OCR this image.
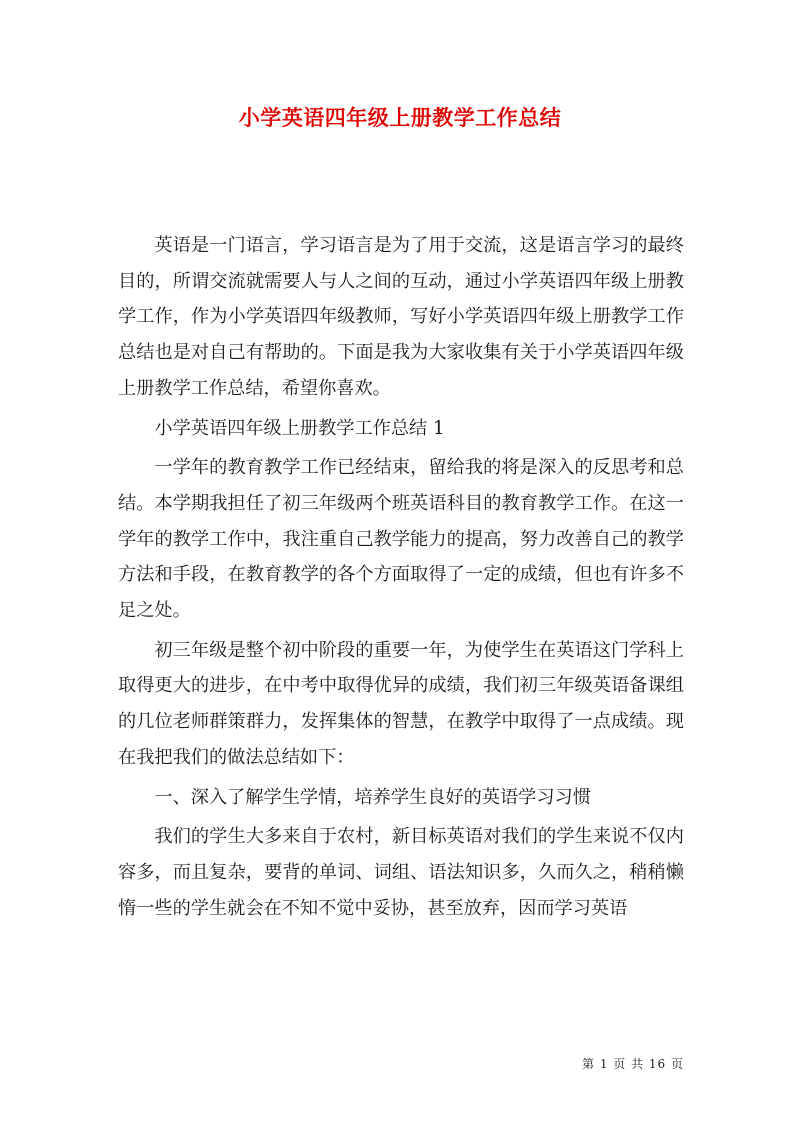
小学英语四年级上册教学工作总结

英语是一门语言，学习语言是为了用于交流，这是语言学习的最终目的，所谓交流就需要人与人之间的互动，通过小学英语四年级上册教学工作，作为小学英语四年级教师，写好小学英语四年级上册教学工作总结也是对自己有帮助的。下面是我为大家收集有关于小学英语四年级上册教学工作总结，希望你喜欢。

小学英语四年级上册教学工作总结 1

一学年的教育教学工作已经结束，留给我的将是深入的反思考和总结。本学期我担任了初三年级两个班英语科目的教育教学工作。在这一学年的教学工作中，我注重自己教学能力的提高，努力改善自己的教学方法和手段，在教育教学的各个方面取得了一定的成绩，但也有许多不足之处。

初三年级是整个初中阶段的重要一年，为使学生在英语这门学科上取得更大的进步，在中考中取得优异的成绩，我们初三年级英语备课组的几位老师群策群力，发挥集体的智慧，在教学中取得了一点成绩。现在我把我们的做法总结如下：

一、深入了解学生学情，培养学生良好的英语学习习惯

我们的学生大多来自于农村，新目标英语对我们的学生来说不仅内容多，而且复杂，要背的单词、词组、语法知识多，久而久之，稍稍懒惰一些的学生就会在不知不觉中妥协，甚至放弃，因而学习英语

第 1 页 共 16 页
